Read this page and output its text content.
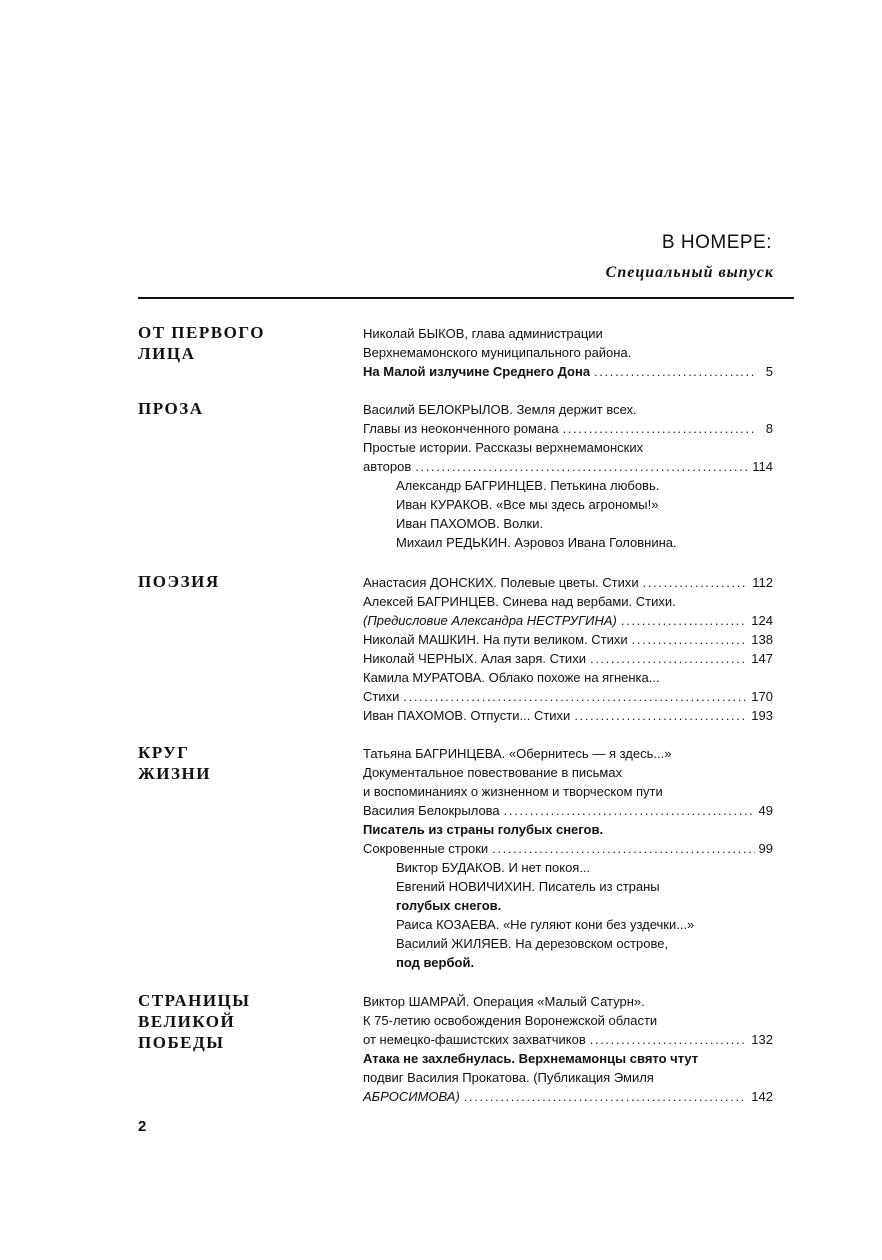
В НОМЕРЕ:
Специальный выпуск
ОТ ПЕРВОГО
ЛИЦА
Николай БЫКОВ, глава администрации
Верхнемамонского муниципального района.
На Малой излучине Среднего Дона . . .	5
ПРОЗА	Василий БЕЛОКРЫЛОВ. Земля держит всех.
Главы из неоконченного романа . . .	8
Простые истории. Рассказы верхнемамонских
авторов . . .	114
Александр БАГРИНЦЕВ. Петькина любовь.
Иван КУРАКОВ. «Все мы здесь агрономы!»
Иван ПАХОМОВ. Волки.
Михаил РЕДЬКИН. Аэровоз Ивана Головнина.
ПОЭЗИЯ	Анастасия ДОНСКИХ. Полевые цветы. Стихи . . .	112
Алексей БАГРИНЦЕВ. Синева над вербами. Стихи.
(Предисловие Александра НЕСТРУГИНА) . . .	124
Николай МАШКИН. На пути великом. Стихи . . .	138
Николай ЧЕРНЫХ. Алая заря. Стихи . . .	147
Камила МУРАТОВА. Облако похоже на ягненка...
Стихи . . .	170
Иван ПАХОМОВ. Отпусти... Стихи . . .	193
КРУГ
ЖИЗНИ
Татьяна БАГРИНЦЕВА. «Обернитесь — я здесь...»
Документальное повествование в письмах
и воспоминаниях о жизненном и творческом пути
Василия Белокрылова . . .	49
Писатель из страны голубых снегов.
Сокровенные строки . . .	99
Виктор БУДАКОВ. И нет покоя...
Евгений НОВИЧИХИН. Писатель из страны
голубых снегов.
Раиса КОЗАЕВА. «Не гуляют кони без уздечки...»
Василий ЖИЛЯЕВ. На дерезовском острове,
под вербой.
СТРАНИЦЫ
ВЕЛИКОЙ
ПОБЕДЫ
Виктор ШАМРАЙ. Операция «Малый Сатурн».
К 75-летию освобождения Воронежской области
от немецко-фашистских захватчиков . . .	132
Атака не захлебнулась. Верхнемамонцы свято чтут
подвиг Василия Прокатова. (Публикация Эмиля
АБРОСИМОВА) . . .	142
2
